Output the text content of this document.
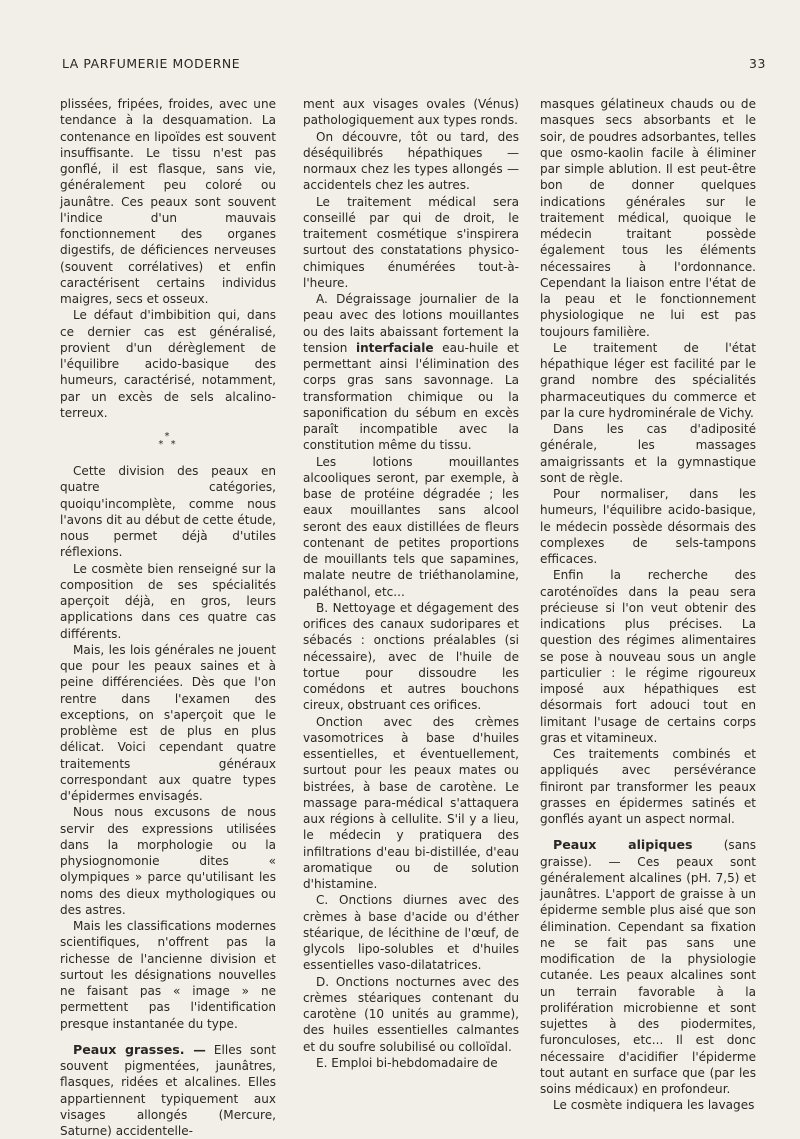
LA PARFUMERIE MODERNE	33

plissées, fripées, froides, avec une tendance à la desquamation. La contenance en lipoïdes est souvent insuffisante. Le tissu n'est pas gonflé, il est flasque, sans vie, généralement peu coloré ou jaunâtre. Ces peaux sont souvent l'indice d'un mauvais fonctionnement des organes digestifs, de déficiences nerveuses (souvent corrélatives) et enfin caractérisent certains individus maigres, secs et osseux.

Le défaut d'imbibition qui, dans ce dernier cas est généralisé, provient d'un dérèglement de l'équilibre acido-basique des humeurs, caractérisé, notamment, par un excès de sels alcalino-terreux.

*
* *

Cette division des peaux en quatre catégories, quoiqu'incomplète, comme nous l'avons dit au début de cette étude, nous permet déjà d'utiles réflexions.

Le cosmète bien renseigné sur la composition de ses spécialités aperçoit déjà, en gros, leurs applications dans ces quatre cas différents.

Mais, les lois générales ne jouent que pour les peaux saines et à peine différenciées. Dès que l'on rentre dans l'examen des exceptions, on s'aperçoit que le problème est de plus en plus délicat. Voici cependant quatre traitements généraux correspondant aux quatre types d'épidermes envisagés.

Nous nous excusons de nous servir des expressions utilisées dans la morphologie ou la physiognomonie dites « olympiques » parce qu'utilisant les noms des dieux mythologiques ou des astres.

Mais les classifications modernes scientifiques, n'offrent pas la richesse de l'ancienne division et surtout les désignations nouvelles ne faisant pas « image » ne permettent pas l'identification presque instantanée du type.

Peaux grasses. — Elles sont souvent pigmentées, jaunâtres, flasques, ridées et alcalines. Elles appartiennent typiquement aux visages allongés (Mercure, Saturne) accidentelle-

ment aux visages ovales (Vénus) pathologiquement aux types ronds.

On découvre, tôt ou tard, des déséquilibrés hépathiques — normaux chez les types allongés — accidentels chez les autres.

Le traitement médical sera conseillé par qui de droit, le traitement cosmétique s'inspirera surtout des constatations physico-chimiques énumérées tout-à-l'heure.

A. Dégraissage journalier de la peau avec des lotions mouillantes ou des laits abaissant fortement la tension interfaciale eau-huile et permettant ainsi l'élimination des corps gras sans savonnage. La transformation chimique ou la saponification du sébum en excès paraît incompatible avec la constitution même du tissu.

Les lotions mouillantes alcooliques seront, par exemple, à base de protéine dégradée ; les eaux mouillantes sans alcool seront des eaux distillées de fleurs contenant de petites proportions de mouillants tels que sapamines, malate neutre de triéthanolamine, paléthanol, etc...

B. Nettoyage et dégagement des orifices des canaux sudoripares et sébacés : onctions préalables (si nécessaire), avec de l'huile de tortue pour dissoudre les comédons et autres bouchons cireux, obstruant ces orifices.

Onction avec des crèmes vasomotrices à base d'huiles essentielles, et éventuellement, surtout pour les peaux mates ou bistrées, à base de carotène. Le massage para-médical s'attaquera aux régions à cellulite. S'il y a lieu, le médecin y pratiquera des infiltrations d'eau bi-distillée, d'eau aromatique ou de solution d'histamine.

C. Onctions diurnes avec des crèmes à base d'acide ou d'éther stéarique, de lécithine de l'œuf, de glycols lipo-solubles et d'huiles essentielles vaso-dilatatrices.

D. Onctions nocturnes avec des crèmes stéariques contenant du carotène (10 unités au gramme), des huiles essentielles calmantes et du soufre solubilisé ou colloïdal.

E. Emploi bi-hebdomadaire de

masques gélatineux chauds ou de masques secs absorbants et le soir, de poudres adsorbantes, telles que osmo-kaolin facile à éliminer par simple ablution. Il est peut-être bon de donner quelques indications générales sur le traitement médical, quoique le médecin traitant possède également tous les éléments nécessaires à l'ordonnance. Cependant la liaison entre l'état de la peau et le fonctionnement physiologique ne lui est pas toujours familière.

Le traitement de l'état hépathique léger est facilité par le grand nombre des spécialités pharmaceutiques du commerce et par la cure hydrominérale de Vichy.

Dans les cas d'adiposité générale, les massages amaigrissants et la gymnastique sont de règle.

Pour normaliser, dans les humeurs, l'équilibre acido-basique, le médecin possède désormais des complexes de sels-tampons efficaces.

Enfin la recherche des caroténoïdes dans la peau sera précieuse si l'on veut obtenir des indications plus précises. La question des régimes alimentaires se pose à nouveau sous un angle particulier : le régime rigoureux imposé aux hépathiques est désormais fort adouci tout en limitant l'usage de certains corps gras et vitamineux.

Ces traitements combinés et appliqués avec persévérance finiront par transformer les peaux grasses en épidermes satinés et gonflés ayant un aspect normal.

Peaux alipiques (sans graisse). — Ces peaux sont généralement alcalines (pH. 7,5) et jaunâtres. L'apport de graisse à un épiderme semble plus aisé que son élimination. Cependant sa fixation ne se fait pas sans une modification de la physiologie cutanée. Les peaux alcalines sont un terrain favorable à la prolifération microbienne et sont sujettes à des piodermites, furonculoses, etc... Il est donc nécessaire d'acidifier l'épiderme tout autant en surface que (par les soins médicaux) en profondeur.

Le cosmète indiquera les lavages
